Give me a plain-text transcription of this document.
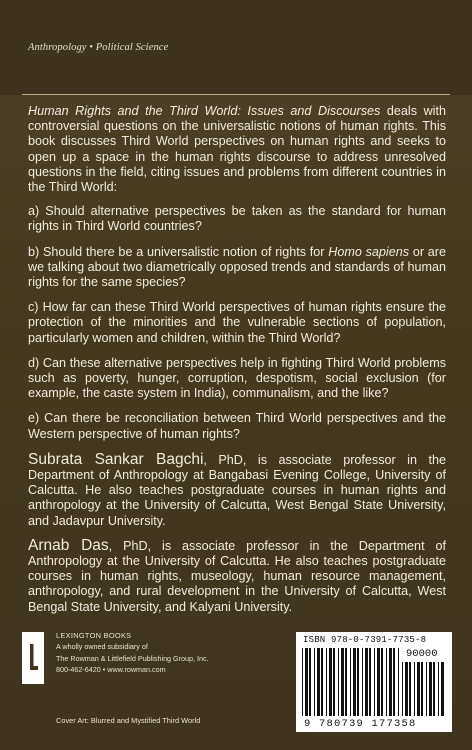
Anthropology • Political Science

Human Rights and the Third World: Issues and Discourses deals with controversial questions on the universalistic notions of human rights. This book discusses Third World perspectives on human rights and seeks to open up a space in the human rights discourse to address unresolved questions in the field, citing issues and problems from different countries in the Third World:

a) Should alternative perspectives be taken as the standard for human rights in Third World countries?

b) Should there be a universalistic notion of rights for Homo sapiens or are we talking about two diametrically opposed trends and standards of human rights for the same species?

c) How far can these Third World perspectives of human rights ensure the protection of the minorities and the vulnerable sections of population, particularly women and children, within the Third World?

d) Can these alternative perspectives help in fighting Third World problems such as poverty, hunger, corruption, despotism, social exclusion (for example, the caste system in India), communalism, and the like?

e) Can there be reconciliation between Third World perspectives and the Western perspective of human rights?

Subrata Sankar Bagchi, PhD, is associate professor in the Department of Anthropology at Bangabasi Evening College, University of Calcutta. He also teaches postgraduate courses in human rights and anthropology at the University of Calcutta, West Bengal State University, and Jadavpur University.

Arnab Das, PhD, is associate professor in the Department of Anthropology at the University of Calcutta. He also teaches postgraduate courses in human rights, museology, human resource management, anthropology, and rural development in the University of Calcutta, West Bengal State University, and Kalyani University.

LEXINGTON BOOKS
A wholly owned subsidiary of
The Rowman & Littlefield Publishing Group, Inc.
800-462-6420 • www.rowman.com
Cover Art: Blurred and Mystified Third World
ISBN 978-0-7391-7735-8
90000
9 780739 177358
